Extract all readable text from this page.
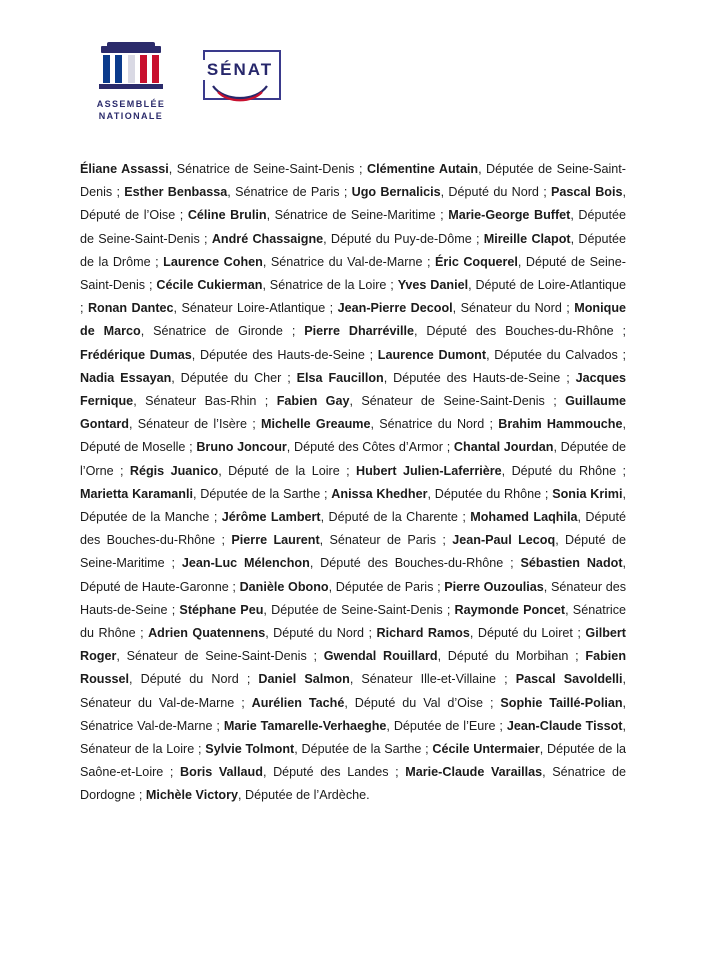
ASSEMBLÉE
NATIONALE
SÉNAT
Éliane Assassi, Sénatrice de Seine-Saint-Denis ; Clémentine Autain, Députée de Seine-Saint-Denis ; Esther Benbassa, Sénatrice de Paris ; Ugo Bernalicis, Député du Nord ; Pascal Bois, Député de l’Oise ; Céline Brulin, Sénatrice de Seine-Maritime ; Marie-George Buffet, Députée de Seine-Saint-Denis ; André Chassaigne, Député du Puy-de-Dôme ; Mireille Clapot, Députée de la Drôme ; Laurence Cohen, Sénatrice du Val-de-Marne ; Éric Coquerel, Député de Seine-Saint-Denis ; Cécile Cukierman, Sénatrice de la Loire ; Yves Daniel, Député de Loire-Atlantique ; Ronan Dantec, Sénateur Loire-Atlantique ; Jean-Pierre Decool, Sénateur du Nord ; Monique de Marco, Sénatrice de Gironde ; Pierre Dharréville, Député des Bouches-du-Rhône ; Frédérique Dumas, Députée des Hauts-de-Seine ; Laurence Dumont, Députée du Calvados ; Nadia Essayan, Députée du Cher ; Elsa Faucillon, Députée des Hauts-de-Seine ; Jacques Fernique, Sénateur Bas-Rhin ; Fabien Gay, Sénateur de Seine-Saint-Denis ; Guillaume Gontard, Sénateur de l’Isère ; Michelle Greaume, Sénatrice du Nord ; Brahim Hammouche, Député de Moselle ; Bruno Joncour, Député des Côtes d’Armor ; Chantal Jourdan, Députée de l’Orne ; Régis Juanico, Député de la Loire ; Hubert Julien-Laferrière, Député du Rhône ; Marietta Karamanli, Députée de la Sarthe ; Anissa Khedher, Députée du Rhône ; Sonia Krimi, Députée de la Manche ; Jérôme Lambert, Député de la Charente ; Mohamed Laqhila, Député des Bouches-du-Rhône ; Pierre Laurent, Sénateur de Paris ; Jean-Paul Lecoq, Député de Seine-Maritime ; Jean-Luc Mélenchon, Député des Bouches-du-Rhône ; Sébastien Nadot, Député de Haute-Garonne ; Danièle Obono, Députée de Paris ; Pierre Ouzoulias, Sénateur des Hauts-de-Seine ; Stéphane Peu, Députée de Seine-Saint-Denis ; Raymonde Poncet, Sénatrice du Rhône ; Adrien Quatennens, Député du Nord ; Richard Ramos, Député du Loiret ; Gilbert Roger, Sénateur de Seine-Saint-Denis ; Gwendal Rouillard, Député du Morbihan ; Fabien Roussel, Député du Nord ; Daniel Salmon, Sénateur Ille-et-Villaine ; Pascal Savoldelli, Sénateur du Val-de-Marne ; Aurélien Taché, Député du Val d’Oise ; Sophie Taillé-Polian, Sénatrice Val-de-Marne ; Marie Tamarelle-Verhaeghe, Députée de l’Eure ; Jean-Claude Tissot, Sénateur de la Loire ; Sylvie Tolmont, Députée de la Sarthe ; Cécile Untermaier, Députée de la Saône-et-Loire ; Boris Vallaud, Député des Landes ; Marie-Claude Varaillas, Sénatrice de Dordogne ; Michèle Victory, Députée de l’Ardèche.
